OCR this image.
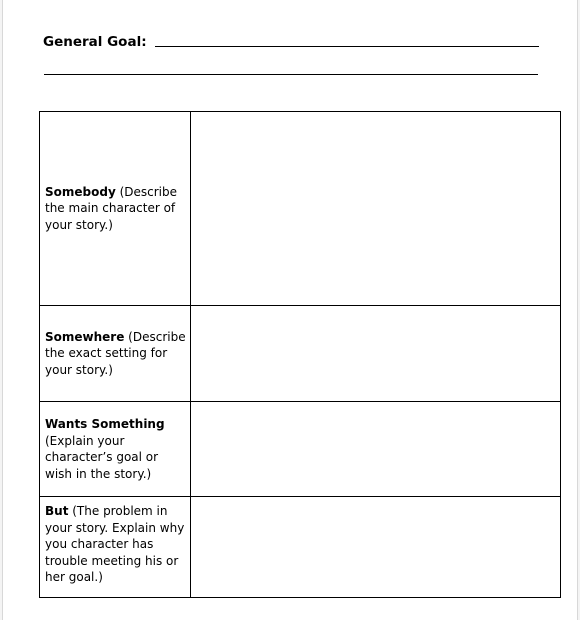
General Goal:
Somebody (Describe the main character of your story.)	
Somewhere (Describe the exact setting for your story.)	
Wants Something (Explain your character’s goal or wish in the story.)	
But (The problem in your story. Explain why you character has trouble meeting his or her goal.)	
